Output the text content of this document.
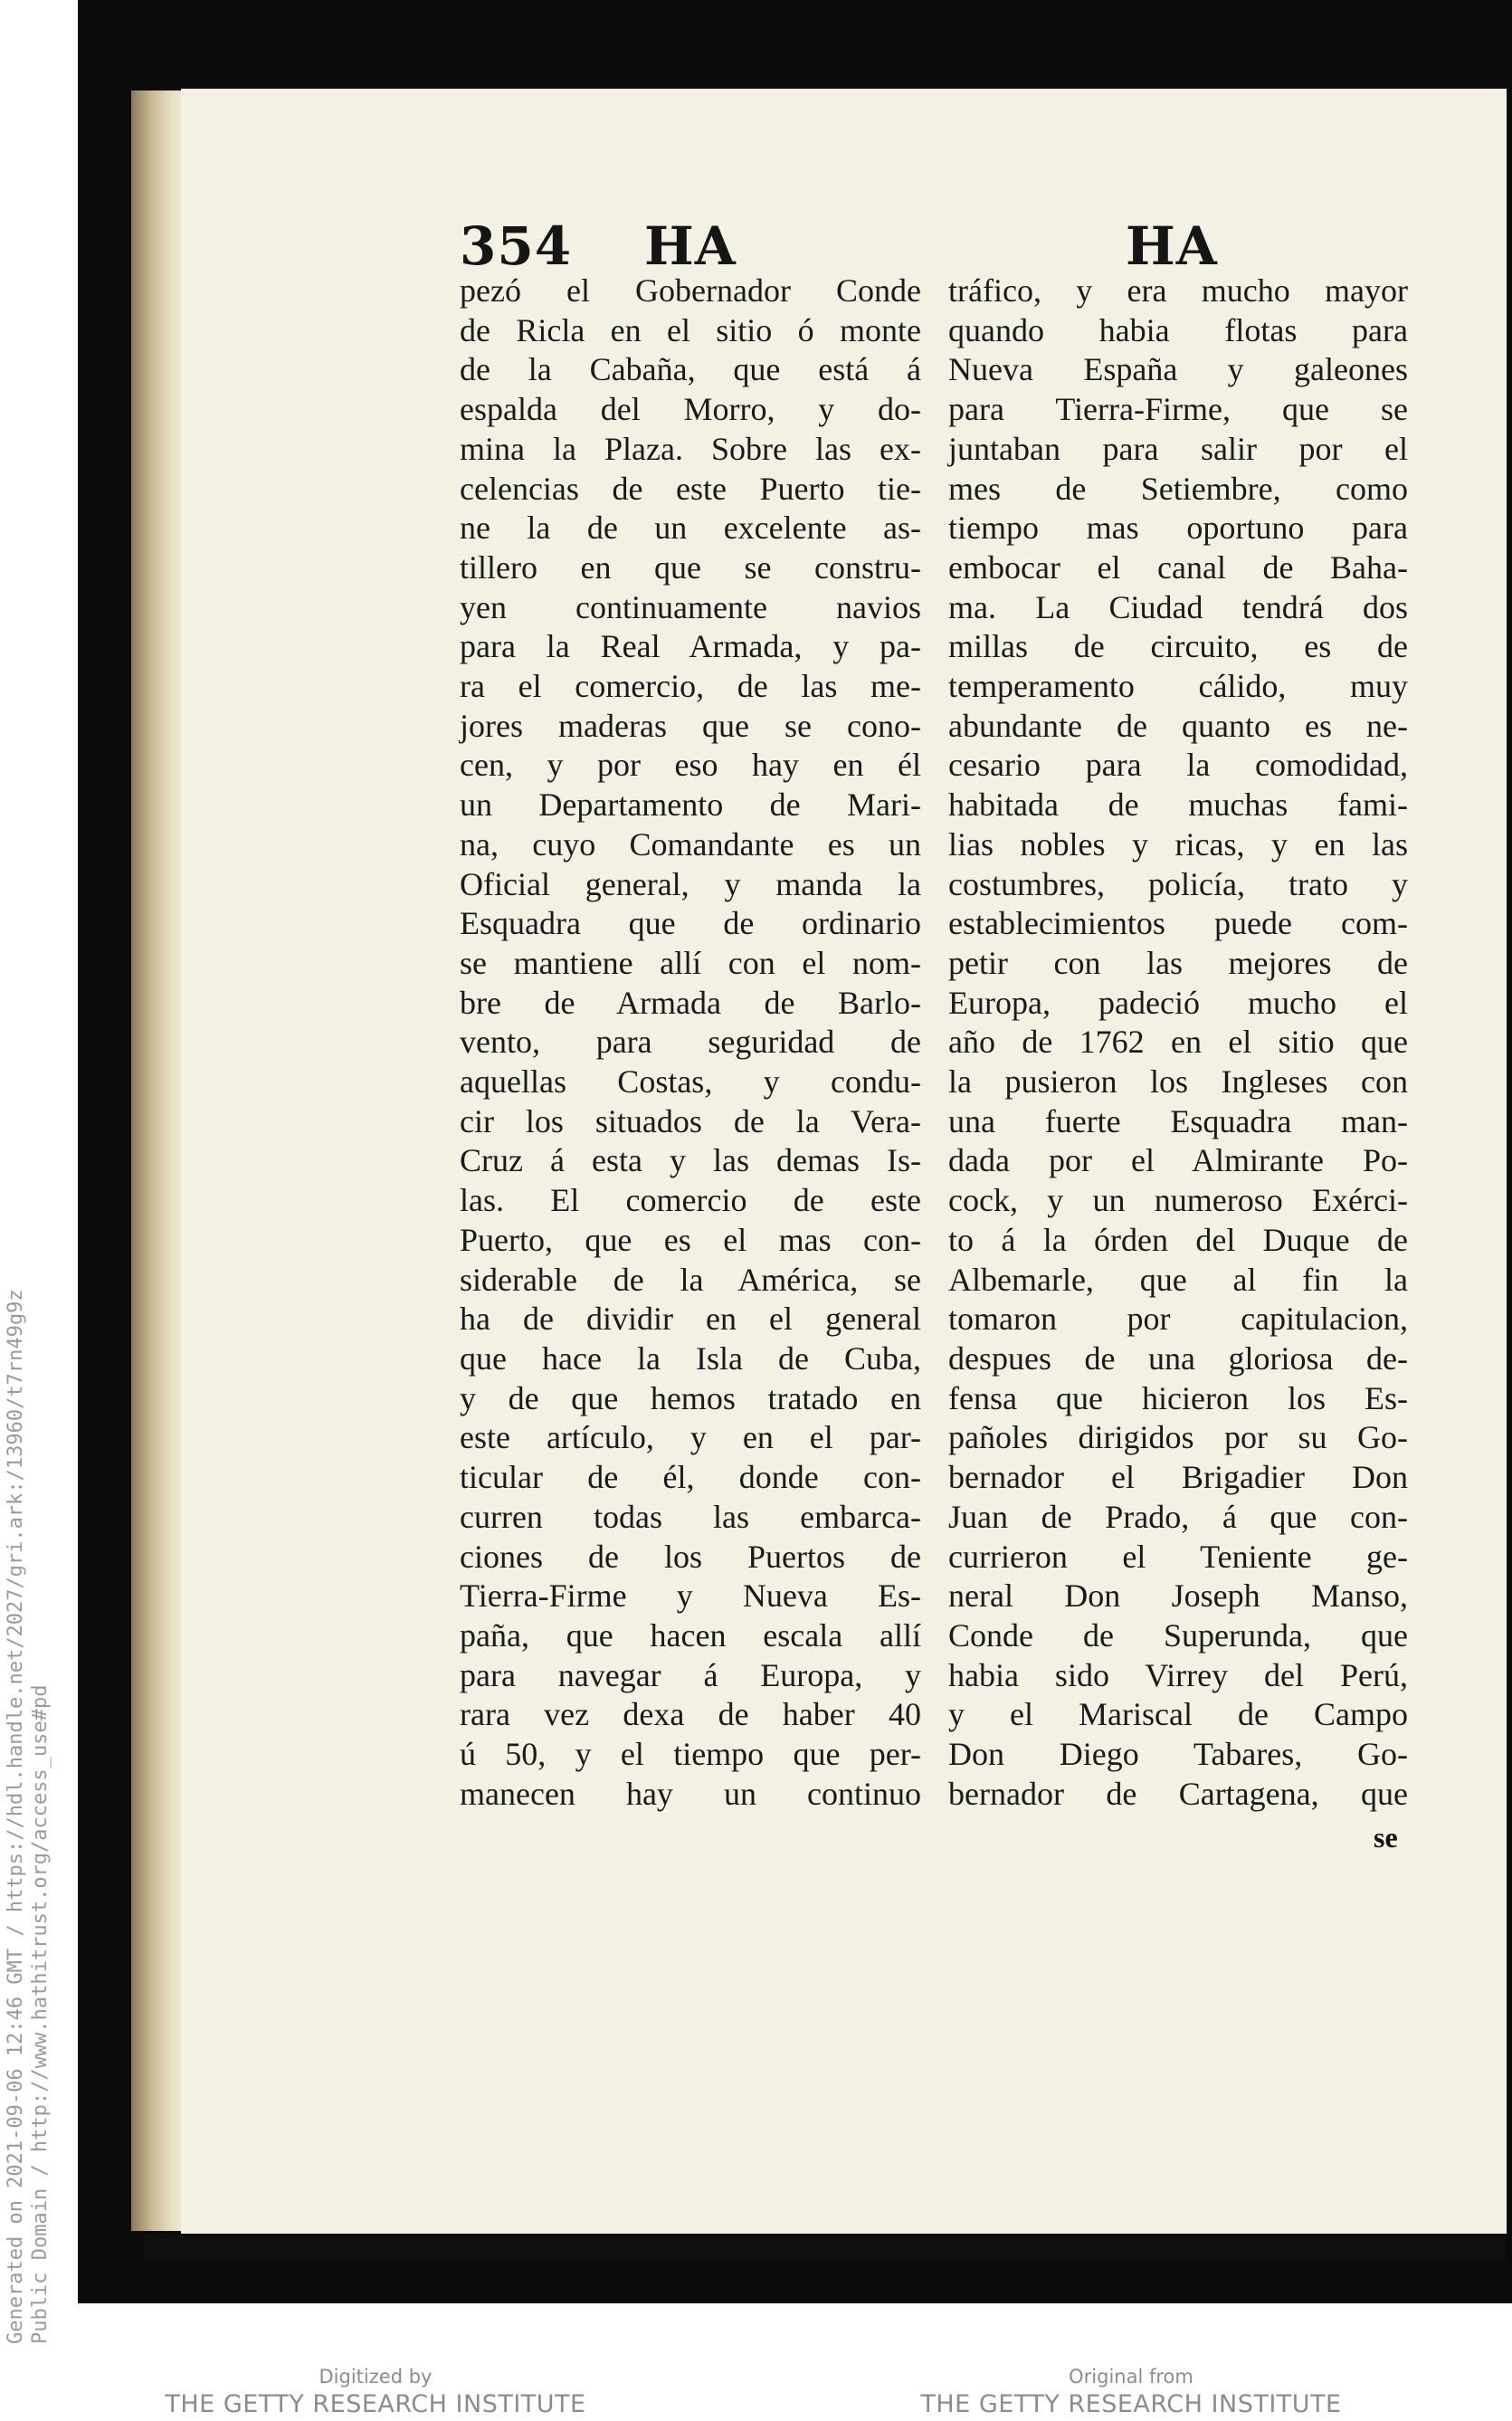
354 HA	HA
pezó el Gobernador Conde
de Ricla en el sitio ó monte
de la Cabaña, que está á
espalda del Morro, y do-
mina la Plaza. Sobre las ex-
celencias de este Puerto tie-
ne la de un excelente as-
tillero en que se constru-
yen continuamente navios
para la Real Armada, y pa-
ra el comercio, de las me-
jores maderas que se cono-
cen, y por eso hay en él
un Departamento de Mari-
na, cuyo Comandante es un
Oficial general, y manda la
Esquadra que de ordinario
se mantiene allí con el nom-
bre de Armada de Barlo-
vento, para seguridad de
aquellas Costas, y condu-
cir los situados de la Vera-
Cruz á esta y las demas Is-
las. El comercio de este
Puerto, que es el mas con-
siderable de la América, se
ha de dividir en el general
que hace la Isla de Cuba,
y de que hemos tratado en
este artículo, y en el par-
ticular de él, donde con-
curren todas las embarca-
ciones de los Puertos de
Tierra-Firme y Nueva Es-
paña, que hacen escala allí
para navegar á Europa, y
rara vez dexa de haber 40
ú 50, y el tiempo que per-
manecen hay un continuo
tráfico, y era mucho mayor
quando habia flotas para
Nueva España y galeones
para Tierra-Firme, que se
juntaban para salir por el
mes de Setiembre, como
tiempo mas oportuno para
embocar el canal de Baha-
ma. La Ciudad tendrá dos
millas de circuito, es de
temperamento cálido, muy
abundante de quanto es ne-
cesario para la comodidad,
habitada de muchas fami-
lias nobles y ricas, y en las
costumbres, policía, trato y
establecimientos puede com-
petir con las mejores de
Europa, padeció mucho el
año de 1762 en el sitio que
la pusieron los Ingleses con
una fuerte Esquadra man-
dada por el Almirante Po-
cock, y un numeroso Exérci-
to á la órden del Duque de
Albemarle, que al fin la
tomaron por capitulacion,
despues de una gloriosa de-
fensa que hicieron los Es-
pañoles dirigidos por su Go-
bernador el Brigadier Don
Juan de Prado, á que con-
currieron el Teniente ge-
neral Don Joseph Manso,
Conde de Superunda, que
habia sido Virrey del Perú,
y el Mariscal de Campo
Don Diego Tabares, Go-
bernador de Cartagena, que
se
Generated on 2021-09-06 12:46 GMT / https://hdl.handle.net/2027/gri.ark:/13960/t7rn49g9z Public Domain / http://www.hathitrust.org/access_use#pd
Digitized by
THE GETTY RESEARCH INSTITUTE
Original from
THE GETTY RESEARCH INSTITUTE
